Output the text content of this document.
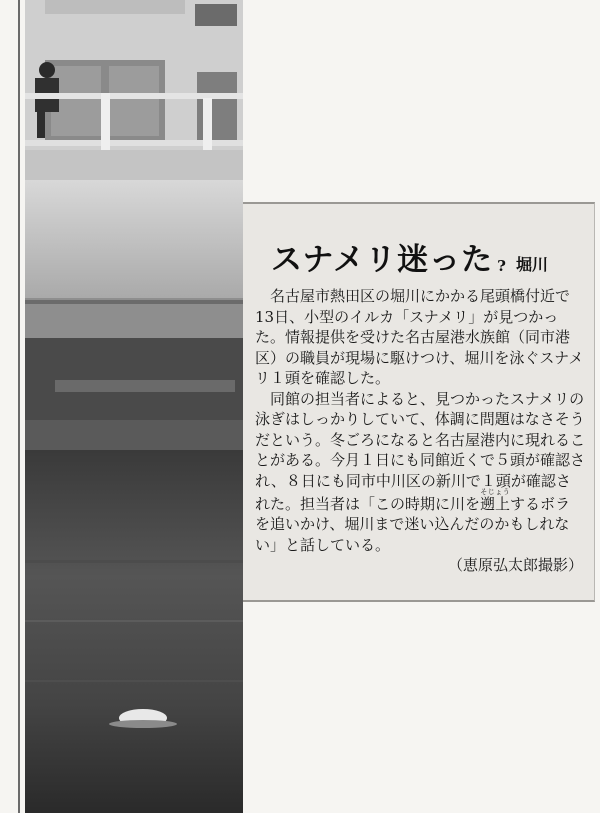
スナメリ迷った ? 堀川

名古屋市熱田区の堀川にかかる尾頭橋付近で13日、小型のイルカ「スナメリ」が見つかった。情報提供を受けた名古屋港水族館（同市港区）の職員が現場に駆けつけ、堀川を泳ぐスナメリ１頭を確認した。

同館の担当者によると、見つかったスナメリの泳ぎはしっかりしていて、体調に問題はなさそうだという。冬ごろになると名古屋港内に現れることがある。今月１日にも同館近くで５頭が確認され、８日にも同市中川区の新川で１頭が確認された。担当者は「この時期に川を遡上そじょうするボラを追いかけ、堀川まで迷い込んだのかもしれない」と話している。

（恵原弘太郎撮影）
